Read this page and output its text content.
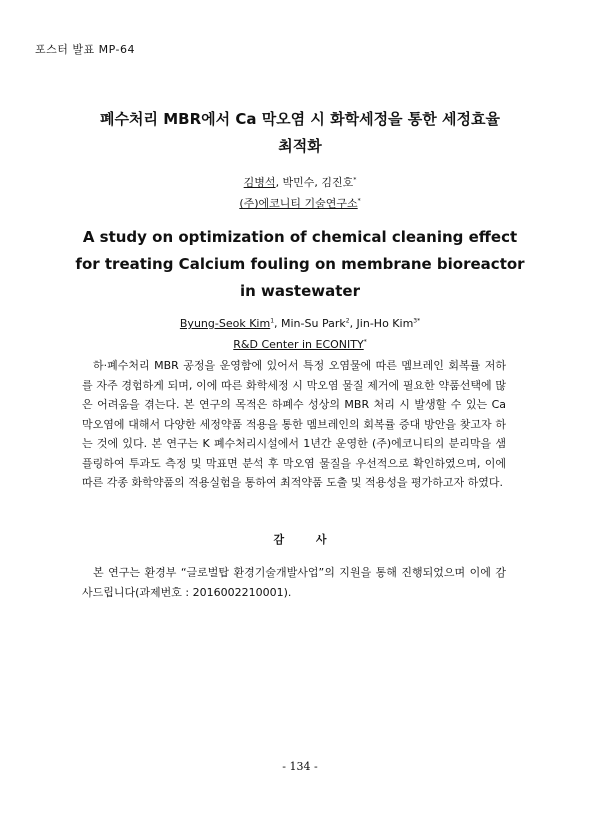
포스터 발표 MP-64
폐수처리 MBR에서 Ca 막오염 시 화학세정을 통한 세정효율
최적화
김병석, 박민수, 김진호*
(주)에코니티 기술연구소*
A study on optimization of chemical cleaning effect
for treating Calcium fouling on membrane bioreactor
in wastewater
Byung-Seok Kim$^1$, Min-Su Park$^2$, Jin-Ho Kim$^{3*}$
R&D Center in ECONITY*

하·폐수처리 MBR 공정을 운영함에 있어서 특정 오염물에 따른 멤브레인 회복률 저하를 자주 경험하게 되며, 이에 따른 화학세정 시 막오염 물질 제거에 필요한 약품선택에 많은 어려움을 겪는다. 본 연구의 목적은 하폐수 성상의 MBR 처리 시 발생할 수 있는 Ca 막오염에 대해서 다양한 세정약품 적용을 통한 멤브레인의 회복률 증대 방안을 찾고자 하는 것에 있다. 본 연구는 K 폐수처리시설에서 1년간 운영한 (주)에코니티의 분리막을 샘플링하여 투과도 측정 및 막표면 분석 후 막오염 물질을 우선적으로 확인하였으며, 이에 따른 각종 화학약품의 적용실험을 통하여 최적약품 도출 및 적용성을 평가하고자 하였다.

감 사

본 연구는 환경부 “글로벌탑 환경기술개발사업”의 지원을 통해 진행되었으며 이에 감사드립니다(과제번호 : 2016002210001).

- 134 -
